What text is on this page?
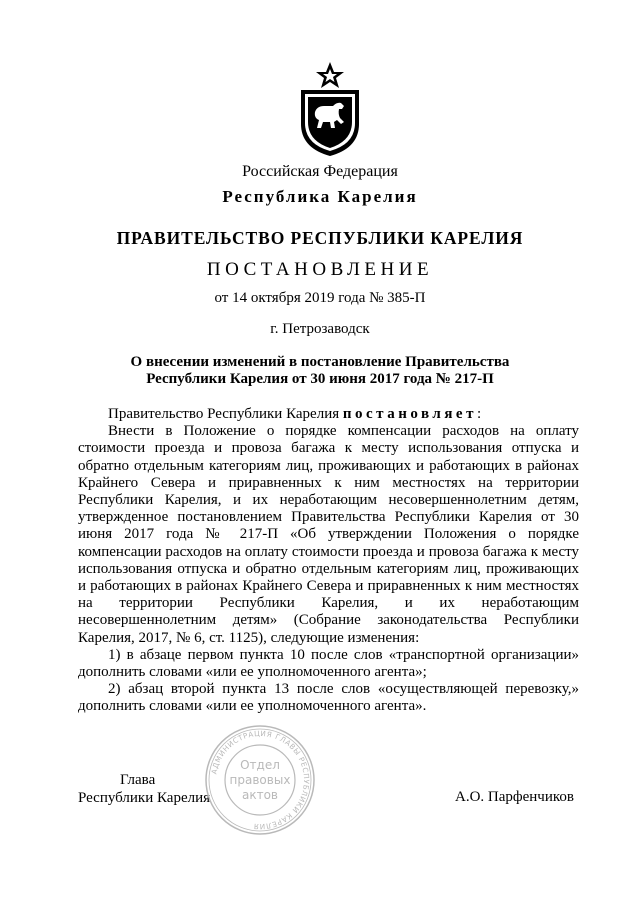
Российская Федерация
Республика Карелия
ПРАВИТЕЛЬСТВО РЕСПУБЛИКИ КАРЕЛИЯ
ПОСТАНОВЛЕНИЕ
от 14 октября 2019 года № 385-П
г. Петрозаводск
О внесении изменений в постановление Правительства
Республики Карелия от 30 июня 2017 года № 217-П

Правительство Республики Карелия постановляет:

Внести в Положение о порядке компенсации расходов на оплату стоимости проезда и провоза багажа к месту использования отпуска и обратно отдельным категориям лиц, проживающих и работающих в районах Крайнего Севера и приравненных к ним местностях на территории Республики Карелия, и их неработающим несовершеннолетним детям, утвержденное постановлением Правительства Республики Карелия от 30 июня 2017 года № 217-П «Об утверждении Положения о порядке компенсации расходов на оплату стоимости проезда и провоза багажа к месту использования отпуска и обратно отдельным категориям лиц, проживающих и работающих в районах Крайнего Севера и приравненных к ним местностях на территории Республики Карелия, и их неработающим несовершеннолетним детям» (Собрание законодательства Республики Карелия, 2017, № 6, ст. 1125), следующие изменения:

1) в абзаце первом пункта 10 после слов «транспортной организации» дополнить словами «или ее уполномоченного агента»;

2) абзац второй пункта 13 после слов «осуществляющей перевозку,» дополнить словами «или ее уполномоченного агента».

Глава
Республики Карелия	А.О. Парфенчиков
АДМИНИСТРАЦИЯ ГЛАВЫ РЕСПУБЛИКИ КАРЕЛИЯ
Отдел
правовых
актов
